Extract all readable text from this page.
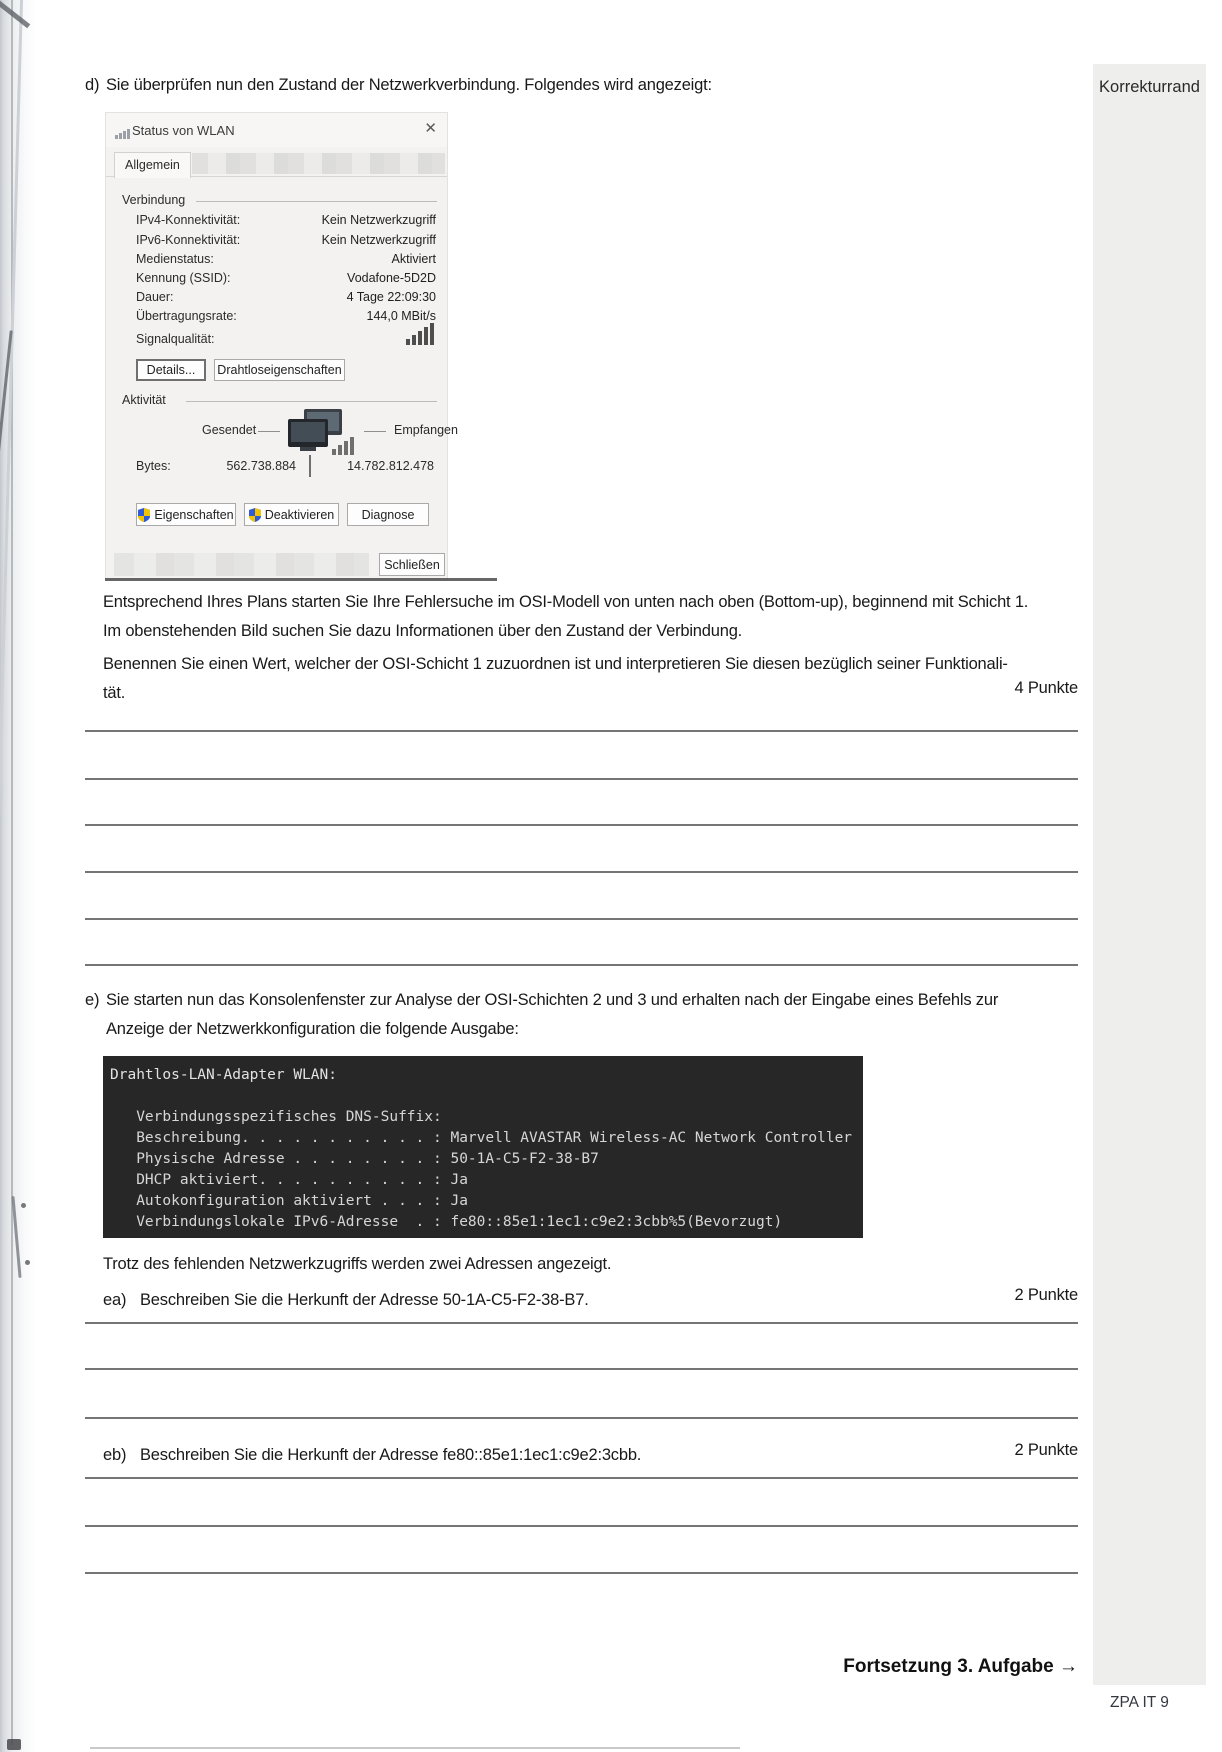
Korrekturrand
d) Sie überprüfen nun den Zustand der Netzwerkverbindung. Folgendes wird angezeigt:
Status von WLAN	✕
Allgemein
Verbindung
IPv4-Konnektivität:	Kein Netzwerkzugriff
IPv6-Konnektivität:	Kein Netzwerkzugriff
Medienstatus:	Aktiviert
Kennung (SSID):	Vodafone-5D2D
Dauer:	4 Tage 22:09:30
Übertragungsrate:	144,0 MBit/s
Signalqualität:
Details...	Drahtloseigenschaften
Aktivität
Gesendet	Empfangen
Bytes:	562.738.884	14.782.812.478
Eigenschaften Deaktivieren	Diagnose
Schließen
Entsprechend Ihres Plans starten Sie Ihre Fehlersuche im OSI-Modell von unten nach oben (Bottom-up), beginnend mit Schicht 1.
Im obenstehenden Bild suchen Sie dazu Informationen über den Zustand der Verbindung.
Benennen Sie einen Wert, welcher der OSI-Schicht 1 zuzuordnen ist und interpretieren Sie diesen bezüglich seiner Funktionali-
tät.	4 Punkte
e) Sie starten nun das Konsolenfenster zur Analyse der OSI-Schichten 2 und 3 und erhalten nach der Eingabe eines Befehls zur
Anzeige der Netzwerkkonfiguration die folgende Ausgabe:
Drahtlos-LAN-Adapter WLAN:
Verbindungsspezifisches DNS-Suffix:
Beschreibung. . . . . . . . . . . : Marvell AVASTAR Wireless-AC Network Controller
Physische Adresse . . . . . . . . : 50-1A-C5-F2-38-B7
DHCP aktiviert. . . . . . . . . . : Ja
Autokonfiguration aktiviert . . . : Ja
Verbindungslokale IPv6-Adresse  . : fe80::85e1:1ec1:c9e2:3cbb%5(Bevorzugt)
Trotz des fehlenden Netzwerkzugriffs werden zwei Adressen angezeigt.
ea) Beschreiben Sie die Herkunft der Adresse 50-1A-C5-F2-38-B7.	2 Punkte
eb) Beschreiben Sie die Herkunft der Adresse fe80::85e1:1ec1:c9e2:3cbb.	2 Punkte
Fortsetzung 3. Aufgabe →
ZPA IT 9
